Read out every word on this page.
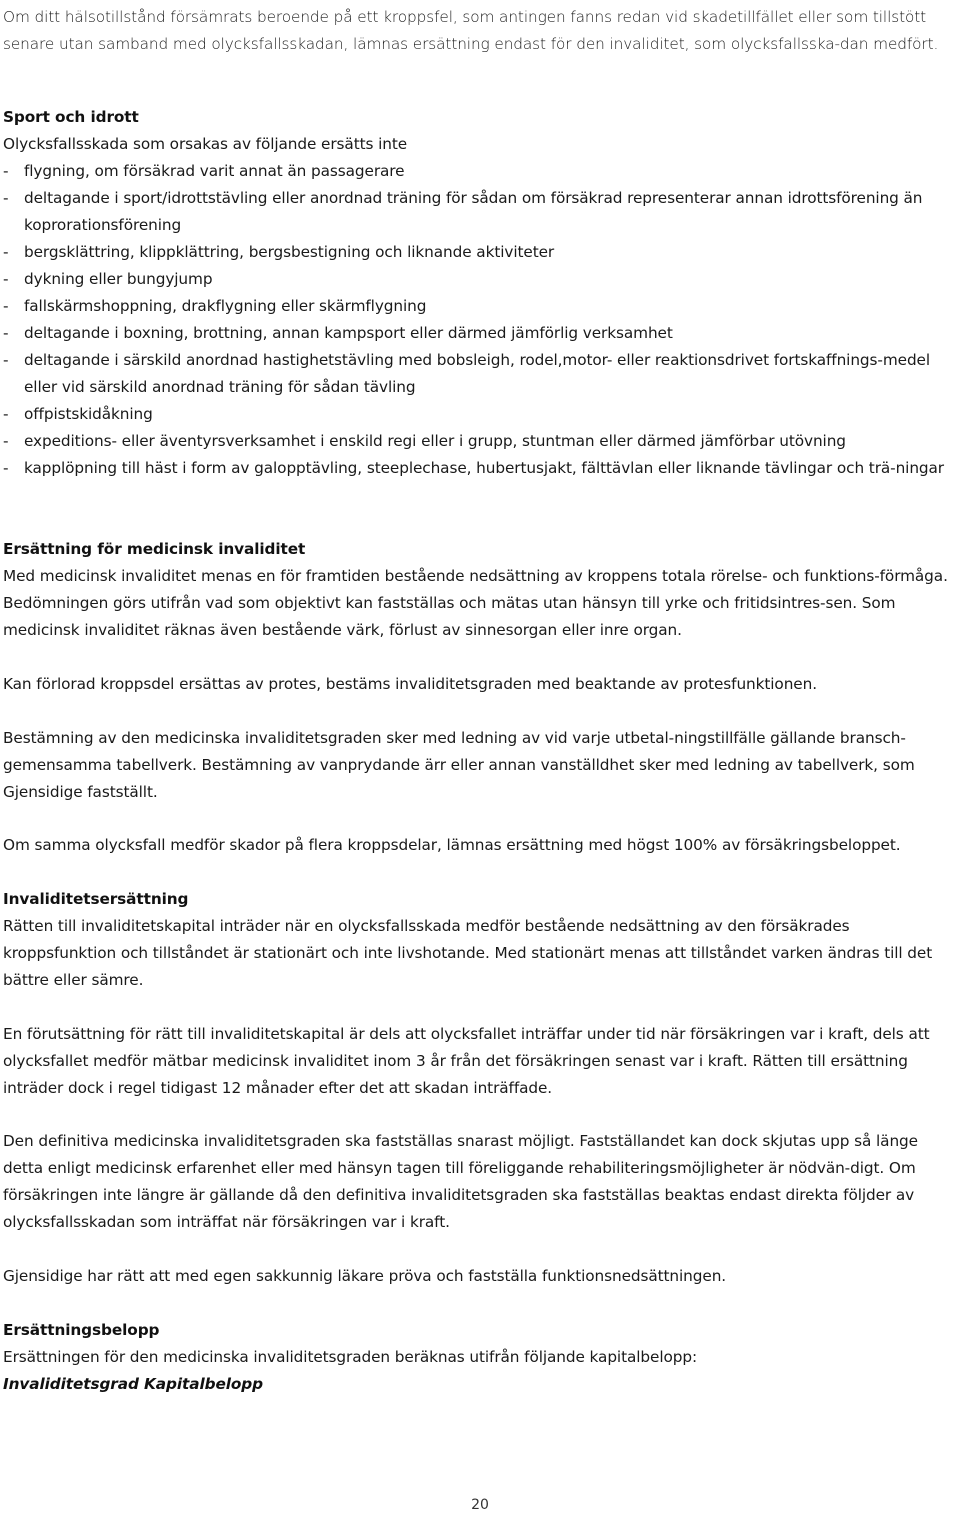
Om ditt hälsotillstånd försämrats beroende på ett kroppsfel, som antingen fanns redan vid skadetillfället eller som tillstött senare utan samband med olycksfallsskadan, lämnas ersättning endast för den invaliditet, som olycksfallsska-dan medfört.

Sport och idrott

Olycksfallsskada som orsakas av följande ersätts inte

- flygning, om försäkrad varit annat än passagerare
- deltagande i sport/idrottstävling eller anordnad träning för sådan om försäkrad representerar annan idrottsförening än koprorationsförening
- bergsklättring, klippklättring, bergsbestigning och liknande aktiviteter
- dykning eller bungyjump
- fallskärmshoppning, drakflygning eller skärmflygning
- deltagande i boxning, brottning, annan kampsport eller därmed jämförlig verksamhet
- deltagande i särskild anordnad hastighetstävling med bobsleigh, rodel,motor- eller reaktionsdrivet fortskaffnings-medel eller vid särskild anordnad träning för sådan tävling
- offpistskidåkning
- expeditions- eller äventyrsverksamhet i enskild regi eller i grupp, stuntman eller därmed jämförbar utövning
- kapplöpning till häst i form av galopptävling, steeplechase, hubertusjakt, fälttävlan eller liknande tävlingar och trä-ningar
Ersättning för medicinsk invaliditet

Med medicinsk invaliditet menas en för framtiden bestående nedsättning av kroppens totala rörelse- och funktions-förmåga. Bedömningen görs utifrån vad som objektivt kan fastställas och mätas utan hänsyn till yrke och fritidsintres-sen. Som medicinsk invaliditet räknas även bestående värk, förlust av sinnesorgan eller inre organ.

Kan förlorad kroppsdel ersättas av protes, bestäms invaliditetsgraden med beaktande av protesfunktionen.

Bestämning av den medicinska invaliditetsgraden sker med ledning av vid varje utbetal-ningstillfälle gällande bransch-gemensamma tabellverk. Bestämning av vanprydande ärr eller annan vanställdhet sker med ledning av tabellverk, som Gjensidige fastställt.

Om samma olycksfall medför skador på flera kroppsdelar, lämnas ersättning med högst 100% av försäkringsbeloppet.

Invaliditetsersättning

Rätten till invaliditetskapital inträder när en olycksfallsskada medför bestående nedsättning av den försäkrades kroppsfunktion och tillståndet är stationärt och inte livshotande. Med stationärt menas att tillståndet varken ändras till det bättre eller sämre.

En förutsättning för rätt till invaliditetskapital är dels att olycksfallet inträffar under tid när försäkringen var i kraft, dels att olycksfallet medför mätbar medicinsk invaliditet inom 3 år från det försäkringen senast var i kraft. Rätten till ersättning inträder dock i regel tidigast 12 månader efter det att skadan inträffade.

Den definitiva medicinska invaliditetsgraden ska fastställas snarast möjligt. Fastställandet kan dock skjutas upp så länge detta enligt medicinsk erfarenhet eller med hänsyn tagen till föreliggande rehabiliteringsmöjligheter är nödvän-digt. Om försäkringen inte längre är gällande då den definitiva invaliditetsgraden ska fastställas beaktas endast direkta följder av olycksfallsskadan som inträffat när försäkringen var i kraft.

Gjensidige har rätt att med egen sakkunnig läkare pröva och fastställa funktionsnedsättningen.

Ersättningsbelopp

Ersättningen för den medicinska invaliditetsgraden beräknas utifrån följande kapitalbelopp:

Invaliditetsgrad Kapitalbelopp

20
